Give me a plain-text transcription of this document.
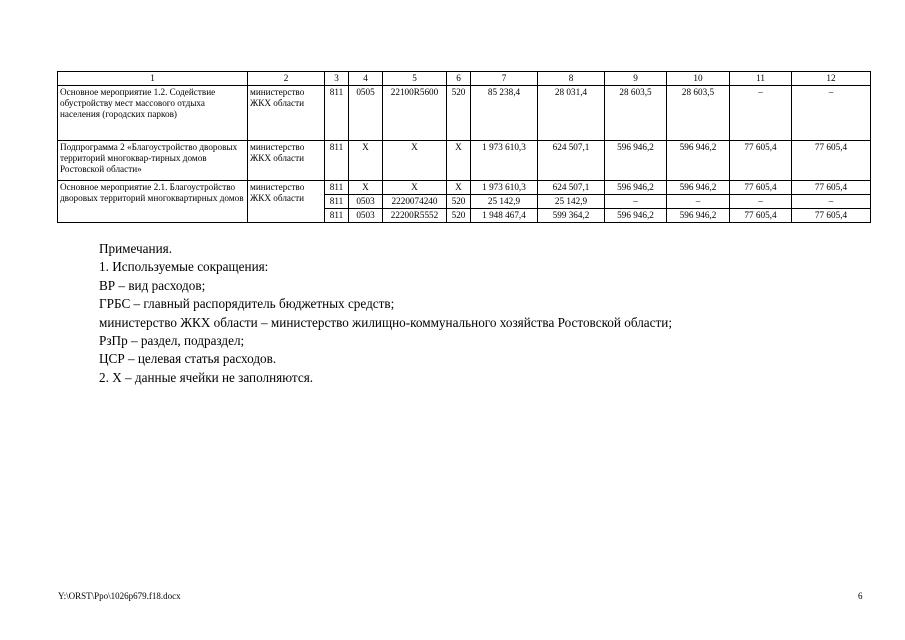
1	2	3	4	5	6	7	8	9	10	11	12
Основное мероприятие 1.2. Содействие обустройству мест массового отдыха населения (городских парков)	министерство ЖКХ области	811	0505	22100R5600	520	85 238,4	28 031,4	28 603,5	28 603,5	–	–
Подпрограмма 2 «Благоустройство дворовых территорий многоквар-тирных домов Ростовской области»	министерство ЖКХ области	811	X	X	X	1 973 610,3	624 507,1	596 946,2	596 946,2	77 605,4	77 605,4
Основное мероприятие 2.1. Благоустройство дворовых территорий многоквартирных домов	министерство ЖКХ области	811	X	X	X	1 973 610,3	624 507,1	596 946,2	596 946,2	77 605,4	77 605,4
		811	0503	2220074240	520	25 142,9	25 142,9	–	–	–	–
		811	0503	22200R5552	520	1 948 467,4	599 364,2	596 946,2	596 946,2	77 605,4	77 605,4
Примечания.
1. Используемые сокращения:
ВР – вид расходов;
ГРБС – главный распорядитель бюджетных средств;
министерство ЖКХ области – министерство жилищно-коммунального хозяйства Ростовской области;
РзПр – раздел, подраздел;
ЦСР – целевая статья расходов.
2. X – данные ячейки не заполняются.
Y:\ORST\Ppo\1026p679.f18.docx	6
